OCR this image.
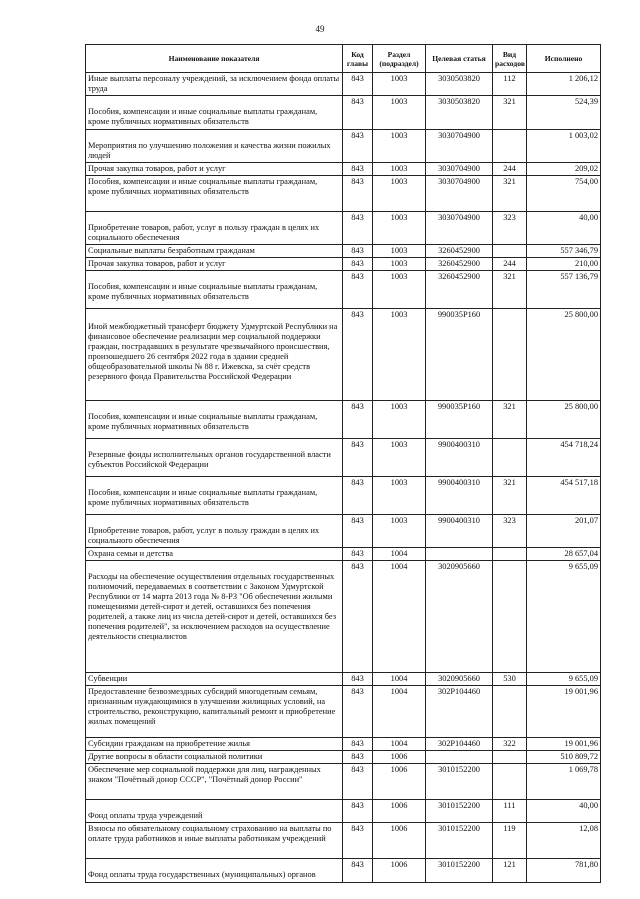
49
Наименование показателя	Код главы	Раздел (подраздел)	Целевая статья	Вид расходов	Исполнено
Иные выплаты персоналу учреждений, за исключением фонда оплаты труда	843	1003	3030503820	112	1 206,12
Пособия, компенсации и иные социальные выплаты гражданам, кроме публичных нормативных обязательств	843	1003	3030503820	321	524,39
Мероприятия по улучшению положения и качества жизни пожилых людей	843	1003	3030704900		1 003,02
Прочая закупка товаров, работ и услуг	843	1003	3030704900	244	209,02
Пособия, компенсации и иные социальные выплаты гражданам, кроме публичных нормативных обязательств	843	1003	3030704900	321	754,00
Приобретение товаров, работ, услуг в пользу граждан в целях их социального обеспечения	843	1003	3030704900	323	40,00
Социальные выплаты безработным гражданам	843	1003	3260452900		557 346,79
Прочая закупка товаров, работ и услуг	843	1003	3260452900	244	210,00
Пособия, компенсации и иные социальные выплаты гражданам, кроме публичных нормативных обязательств	843	1003	3260452900	321	557 136,79
Иной межбюджетный трансферт бюджету Удмуртской Республики на финансовое обеспечение реализации мер социальной поддержки граждан, пострадавших в результате чрезвычайного происшествия, произошедшего 26 сентября 2022 года в здании средней общеобразовательной школы № 88 г. Ижевска, за счёт средств резервного фонда Правительства Российской Федерации	843	1003	990035Р160		25 800,00
Пособия, компенсации и иные социальные выплаты гражданам, кроме публичных нормативных обязательств	843	1003	990035Р160	321	25 800,00
Резервные фонды исполнительных органов государственной власти субъектов Российской Федерации	843	1003	9900400310		454 718,24
Пособия, компенсации и иные социальные выплаты гражданам, кроме публичных нормативных обязательств	843	1003	9900400310	321	454 517,18
Приобретение товаров, работ, услуг в пользу граждан в целях их социального обеспечения	843	1003	9900400310	323	201,07
Охрана семьи и детства	843	1004			28 657,04
Расходы на обеспечение осуществления отдельных государственных полномочий, передаваемых в соответствии с Законом Удмуртской Республики от 14 марта 2013 года № 8-РЗ "Об обеспечении жилыми помещениями детей-сирот и детей, оставшихся без попечения родителей, а также лиц из числа детей-сирот и детей, оставшихся без попечения родителей", за исключением расходов на осуществление деятельности специалистов	843	1004	3020905660		9 655,09
Субвенции	843	1004	3020905660	530	9 655,09
Предоставление безвозмездных субсидий многодетным семьям, признанным нуждающимися в улучшении жилищных условий, на строительство, реконструкцию, капитальный ремонт и приобретение жилых помещений	843	1004	302Р104460		19 001,96
Субсидии гражданам на приобретение жилья	843	1004	302Р104460	322	19 001,96
Другие вопросы в области социальной политики	843	1006			510 809,72
Обеспечение мер социальной поддержки для лиц, награжденных знаком "Почётный донор СССР", "Почётный донор России"	843	1006	3010152200		1 069,78
Фонд оплаты труда учреждений	843	1006	3010152200	111	40,00
Взносы по обязательному социальному страхованию на выплаты по оплате труда работников и иные выплаты работникам учреждений	843	1006	3010152200	119	12,08
Фонд оплаты труда государственных (муниципальных) органов	843	1006	3010152200	121	781,80
